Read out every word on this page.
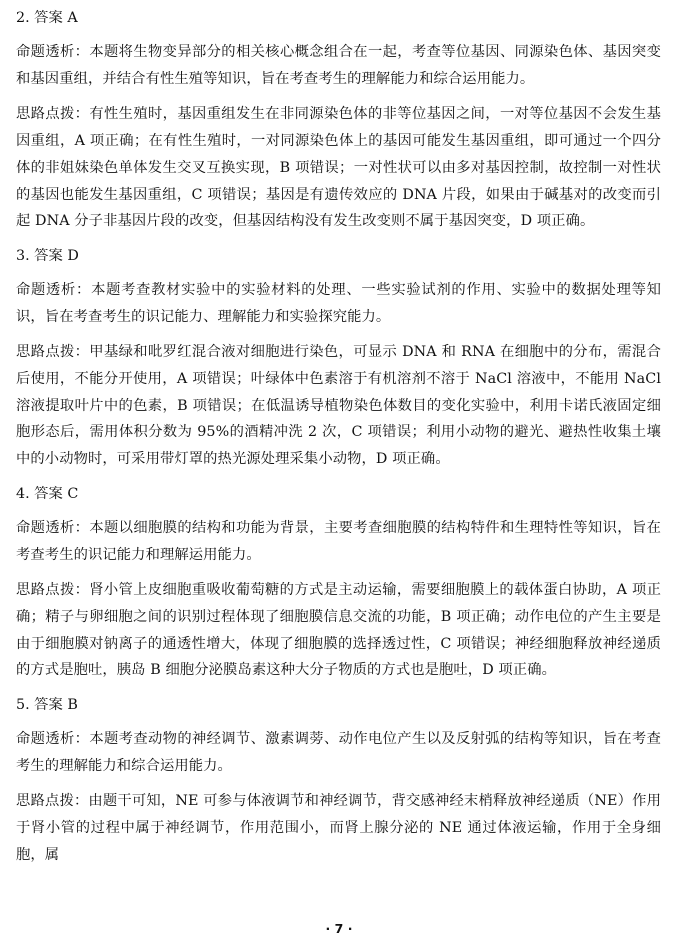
2. 答案 A

命题透析：本题将生物变异部分的相关核心概念组合在一起，考查等位基因、同源染色体、基因突变和基因重组，并结合有性生殖等知识，旨在考查考生的理解能力和综合运用能力。

思路点拨：有性生殖时，基因重组发生在非同源染色体的非等位基因之间，一对等位基因不会发生基因重组，A 项正确；在有性生殖时，一对同源染色体上的基因可能发生基因重组，即可通过一个四分体的非姐妹染色单体发生交叉互换实现，B 项错误；一对性状可以由多对基因控制，故控制一对性状的基因也能发生基因重组，C 项错误；基因是有遗传效应的 DNA 片段，如果由于碱基对的改变而引起 DNA 分子非基因片段的改变，但基因结构没有发生改变则不属于基因突变，D 项正确。

3. 答案 D

命题透析：本题考查教材实验中的实验材料的处理、一些实验试剂的作用、实验中的数据处理等知识，旨在考查考生的识记能力、理解能力和实验探究能力。

思路点拨：甲基绿和吡罗红混合液对细胞进行染色，可显示 DNA 和 RNA 在细胞中的分布，需混合后使用，不能分开使用，A 项错误；叶绿体中色素溶于有机溶剂不溶于 NaCl 溶液中，不能用 NaCl 溶液提取叶片中的色素，B 项错误；在低温诱导植物染色体数目的变化实验中，利用卡诺氏液固定细胞形态后，需用体积分数为 95%的酒精冲洗 2 次，C 项错误；利用小动物的避光、避热性收集土壤中的小动物时，可采用带灯罩的热光源处理采集小动物，D 项正确。

4. 答案 C

命题透析：本题以细胞膜的结构和功能为背景，主要考查细胞膜的结构特件和生理特性等知识，旨在考查考生的识记能力和理解运用能力。

思路点拨：肾小管上皮细胞重吸收葡萄糖的方式是主动运输，需要细胞膜上的载体蛋白协助，A 项正确；精子与卵细胞之间的识别过程体现了细胞膜信息交流的功能，B 项正确；动作电位的产生主要是由于细胞膜对钠离子的通透性增大，体现了细胞膜的选择透过性，C 项错误；神经细胞释放神经递质的方式是胞吐，胰岛 B 细胞分泌膜岛素这种大分子物质的方式也是胞吐，D 项正确。

5. 答案 B

命题透析：本题考查动物的神经调节、激素调蒡、动作电位产生以及反射弧的结构等知识，旨在考查考生的理解能力和综合运用能力。

思路点拨：由题干可知，NE 可参与体液调节和神经调节，背交感神经末梢释放神经递质（NE）作用于肾小管的过程中属于神经调节，作用范围小，而肾上腺分泌的 NE 通过体液运输，作用于全身细胞，属

· 7 ·
